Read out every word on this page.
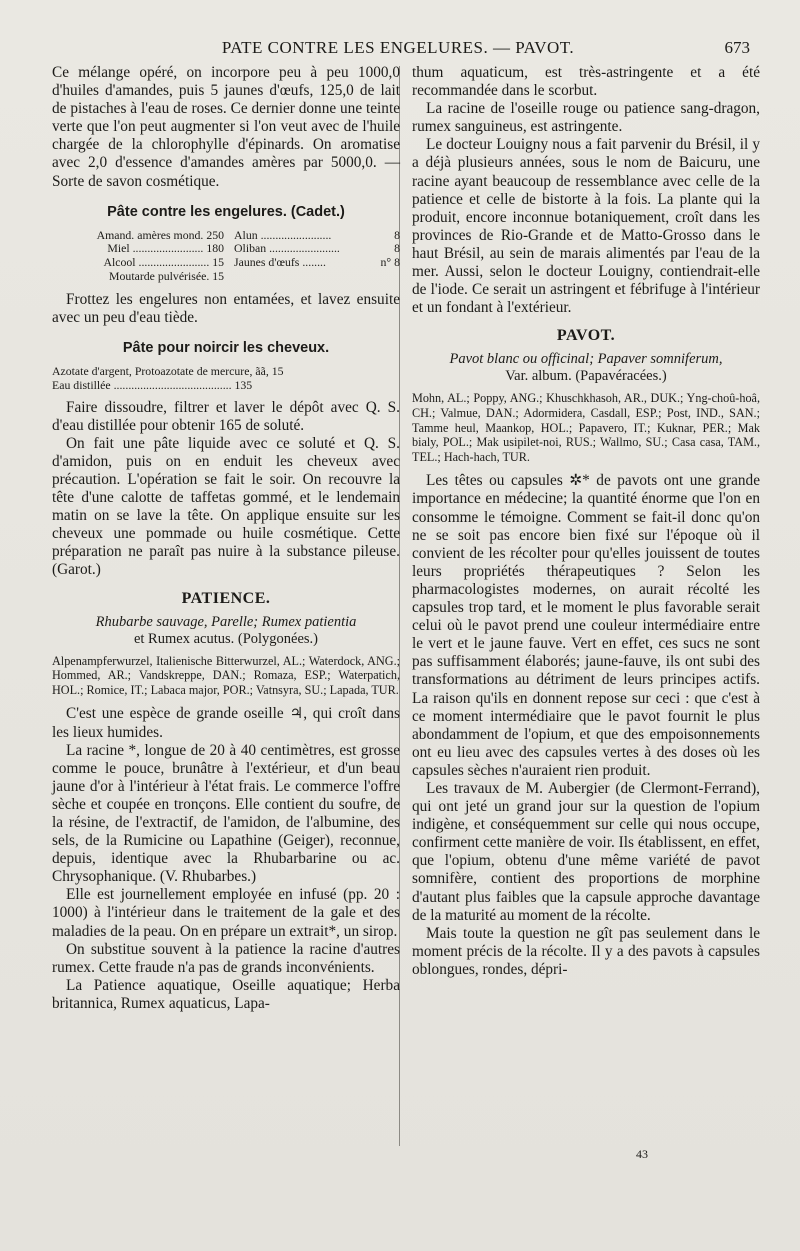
PATE CONTRE LES ENGELURES. — PAVOT.	673

Ce mélange opéré, on incorpore peu à peu 1000,0 d'huiles d'amandes, puis 5 jaunes d'œufs, 125,0 de lait de pistaches à l'eau de roses. Ce dernier donne une teinte verte que l'on peut augmenter si l'on veut avec de l'huile chargée de la chlorophylle d'épinards. On aromatise avec 2,0 d'essence d'amandes amères par 5000,0. — Sorte de savon cosmétique.

Pâte contre les engelures. (Cadet.)
Amand. amères mond. 250	Alun ........................	8
Miel ........................ 180	Oliban ........................	8
Alcool ........................ 15	Jaunes d'œufs ........	n° 8
Moutarde pulvérisée. 15		

Frottez les engelures non entamées, et lavez ensuite avec un peu d'eau tiède.

Pâte pour noircir les cheveux.
Azotate d'argent, Protoazotate de mercure, ãã, 15
Eau distillée ........................................ 135

Faire dissoudre, filtrer et laver le dépôt avec Q. S. d'eau distillée pour obtenir 165 de soluté.

On fait une pâte liquide avec ce soluté et Q. S. d'amidon, puis on en enduit les cheveux avec précaution. L'opération se fait le soir. On recouvre la tête d'une calotte de taffetas gommé, et le lendemain matin on se lave la tête. On applique ensuite sur les cheveux une pommade ou huile cosmétique. Cette préparation ne paraît pas nuire à la substance pileuse. (Garot.)

PATIENCE.
Rhubarbe sauvage, Parelle; Rumex patientia
et Rumex acutus. (Polygonées.)
Alpenampferwurzel, Italienische Bitterwurzel, AL.; Waterdock, ANG.; Hommed, AR.; Vandskreppe, DAN.; Romaza, ESP.; Waterpatich, HOL.; Romice, IT.; Labaca major, POR.; Vatnsyra, SU.; Lapada, TUR.

C'est une espèce de grande oseille ♃, qui croît dans les lieux humides.

La racine *, longue de 20 à 40 centimètres, est grosse comme le pouce, brunâtre à l'extérieur, et d'un beau jaune d'or à l'intérieur à l'état frais. Le commerce l'offre sèche et coupée en tronçons. Elle contient du soufre, de la résine, de l'extractif, de l'amidon, de l'albumine, des sels, de la Rumicine ou Lapathine (Geiger), reconnue, depuis, identique avec la Rhubarbarine ou ac. Chrysophanique. (V. Rhubarbes.)

Elle est journellement employée en infusé (pp. 20 : 1000) à l'intérieur dans le traitement de la gale et des maladies de la peau. On en prépare un extrait*, un sirop.

On substitue souvent à la patience la racine d'autres rumex. Cette fraude n'a pas de grands inconvénients.

La Patience aquatique, Oseille aquatique; Herba britannica, Rumex aquaticus, Lapa-

thum aquaticum, est très-astringente et a été recommandée dans le scorbut.

La racine de l'oseille rouge ou patience sang-dragon, rumex sanguineus, est astringente.

Le docteur Louigny nous a fait parvenir du Brésil, il y a déjà plusieurs années, sous le nom de Baicuru, une racine ayant beaucoup de ressemblance avec celle de la patience et celle de bistorte à la fois. La plante qui la produit, encore inconnue botaniquement, croît dans les provinces de Rio-Grande et de Matto-Grosso dans le haut Brésil, au sein de marais alimentés par l'eau de la mer. Aussi, selon le docteur Louigny, contiendrait-elle de l'iode. Ce serait un astringent et fébrifuge à l'intérieur et un fondant à l'extérieur.

PAVOT.
Pavot blanc ou officinal; Papaver somniferum,
Var. album. (Papavéracées.)
Mohn, AL.; Poppy, ANG.; Khuschkhasoh, AR., DUK.; Yng-choû-hoâ, CH.; Valmue, DAN.; Adormidera, Casdall, ESP.; Post, IND., SAN.; Tamme heul, Maankop, HOL.; Papavero, IT.; Kuknar, PER.; Mak bialy, POL.; Mak usipilet-noi, RUS.; Wallmo, SU.; Casa casa, TAM., TEL.; Hach-hach, TUR.

Les têtes ou capsules ✲* de pavots ont une grande importance en médecine; la quantité énorme que l'on en consomme le témoigne. Comment se fait-il donc qu'on ne se soit pas encore bien fixé sur l'époque où il convient de les récolter pour qu'elles jouissent de toutes leurs propriétés thérapeutiques ? Selon les pharmacologistes modernes, on aurait récolté les capsules trop tard, et le moment le plus favorable serait celui où le pavot prend une couleur intermédiaire entre le vert et le jaune fauve. Vert en effet, ces sucs ne sont pas suffisamment élaborés; jaune-fauve, ils ont subi des transformations au détriment de leurs principes actifs. La raison qu'ils en donnent repose sur ceci : que c'est à ce moment intermédiaire que le pavot fournit le plus abondamment de l'opium, et que des empoisonnements ont eu lieu avec des capsules vertes à des doses où les capsules sèches n'auraient rien produit.

Les travaux de M. Aubergier (de Clermont-Ferrand), qui ont jeté un grand jour sur la question de l'opium indigène, et conséquemment sur celle qui nous occupe, confirment cette manière de voir. Ils établissent, en effet, que l'opium, obtenu d'une même variété de pavot somnifère, contient des proportions de morphine d'autant plus faibles que la capsule approche davantage de la maturité au moment de la récolte.

Mais toute la question ne gît pas seulement dans le moment précis de la récolte. Il y a des pavots à capsules oblongues, rondes, dépri-

43
